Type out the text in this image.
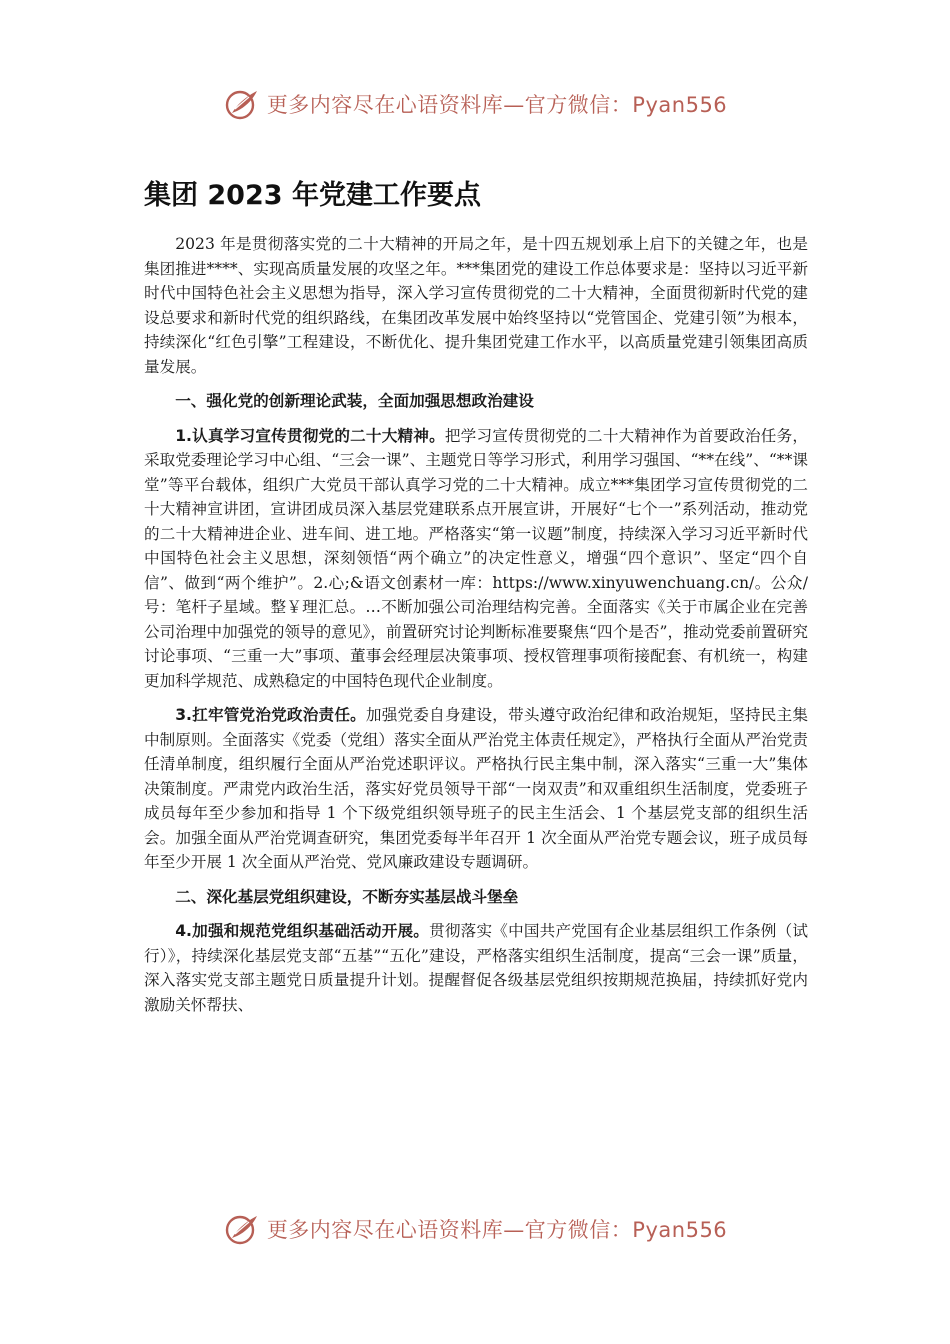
更多内容尽在心语资料库—官方微信：Pyan556
集团 2023 年党建工作要点

2023 年是贯彻落实党的二十大精神的开局之年，是十四五规划承上启下的关键之年，也是集团推进****、实现高质量发展的攻坚之年。***集团党的建设工作总体要求是：坚持以习近平新时代中国特色社会主义思想为指导，深入学习宣传贯彻党的二十大精神，全面贯彻新时代党的建设总要求和新时代党的组织路线，在集团改革发展中始终坚持以“党管国企、党建引领”为根本，持续深化“红色引擎”工程建设，不断优化、提升集团党建工作水平，以高质量党建引领集团高质量发展。

一、强化党的创新理论武装，全面加强思想政治建设

1.认真学习宣传贯彻党的二十大精神。把学习宣传贯彻党的二十大精神作为首要政治任务，采取党委理论学习中心组、“三会一课”、主题党日等学习形式，利用学习强国、“**在线”、“**课堂”等平台载体，组织广大党员干部认真学习党的二十大精神。成立***集团学习宣传贯彻党的二十大精神宣讲团，宣讲团成员深入基层党建联系点开展宣讲，开展好“七个一”系列活动，推动党的二十大精神进企业、进车间、进工地。严格落实“第一议题”制度，持续深入学习习近平新时代中国特色社会主义思想，深刻领悟“两个确立”的决定性意义，增强“四个意识”、坚定“四个自信”、做到“两个维护”。2.心;&语文创素材一库：https://www.xinyuwenchuang.cn/。公众/号：笔杆子星域。整￥理汇总。…不断加强公司治理结构完善。全面落实《关于市属企业在完善公司治理中加强党的领导的意见》，前置研究讨论判断标准要聚焦“四个是否”，推动党委前置研究讨论事项、“三重一大”事项、董事会经理层决策事项、授权管理事项衔接配套、有机统一，构建更加科学规范、成熟稳定的中国特色现代企业制度。

3.扛牢管党治党政治责任。加强党委自身建设，带头遵守政治纪律和政治规矩，坚持民主集中制原则。全面落实《党委（党组）落实全面从严治党主体责任规定》，严格执行全面从严治党责任清单制度，组织履行全面从严治党述职评议。严格执行民主集中制，深入落实“三重一大”集体决策制度。严肃党内政治生活，落实好党员领导干部“一岗双责”和双重组织生活制度，党委班子成员每年至少参加和指导 1 个下级党组织领导班子的民主生活会、1 个基层党支部的组织生活会。加强全面从严治党调查研究，集团党委每半年召开 1 次全面从严治党专题会议，班子成员每年至少开展 1 次全面从严治党、党风廉政建设专题调研。

二、深化基层党组织建设，不断夯实基层战斗堡垒

4.加强和规范党组织基础活动开展。贯彻落实《中国共产党国有企业基层组织工作条例（试行）》，持续深化基层党支部“五基”“五化”建设，严格落实组织生活制度，提高“三会一课”质量，深入落实党支部主题党日质量提升计划。提醒督促各级基层党组织按期规范换届，持续抓好党内激励关怀帮扶、

更多内容尽在心语资料库—官方微信：Pyan556
